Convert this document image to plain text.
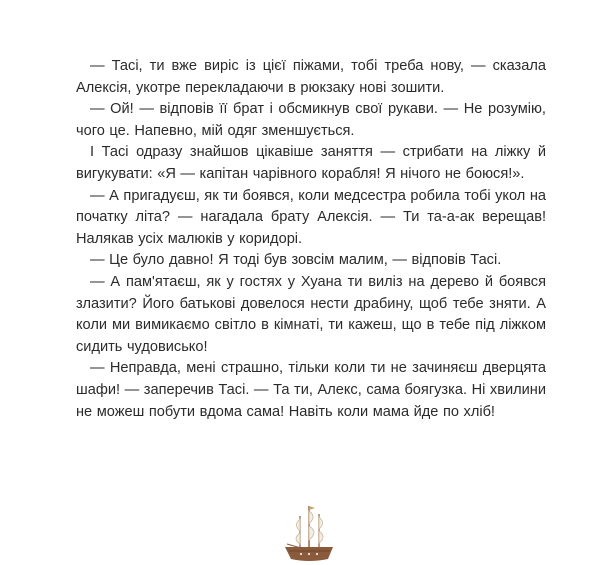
— Тасі, ти вже виріс із цієї піжами, тобі треба нову, — сказала Алексія, укотре перекладаючи в рюкзаку нові зошити.

— Ой! — відповів її брат і обсмикнув свої рукави. — Не розумію, чого це. Напевно, мій одяг зменшується.

І Тасі одразу знайшов цікавіше заняття — стрибати на ліжку й вигукувати: «Я — капітан чарівного корабля! Я нічого не боюся!».

— А пригадуєш, як ти боявся, коли медсестра робила тобі укол на початку літа? — нагадала брату Алексія. — Ти та-а-ак верещав! Налякав усіх малюків у коридорі.

— Це було давно! Я тоді був зовсім малим, — відповів Тасі.

— А пам'ятаєш, як у гостях у Хуана ти виліз на дерево й боявся злазити? Його батькові довелося нести драбину, щоб тебе зняти. А коли ми вимикаємо світло в кімнаті, ти кажеш, що в тебе під ліжком сидить чудовисько!

— Неправда, мені страшно, тільки коли ти не зачиняєш дверцята шафи! — заперечив Тасі. — Та ти, Алекс, сама боягузка. Ні хвилини не можеш побути вдома сама! Навіть коли мама йде по хліб!
